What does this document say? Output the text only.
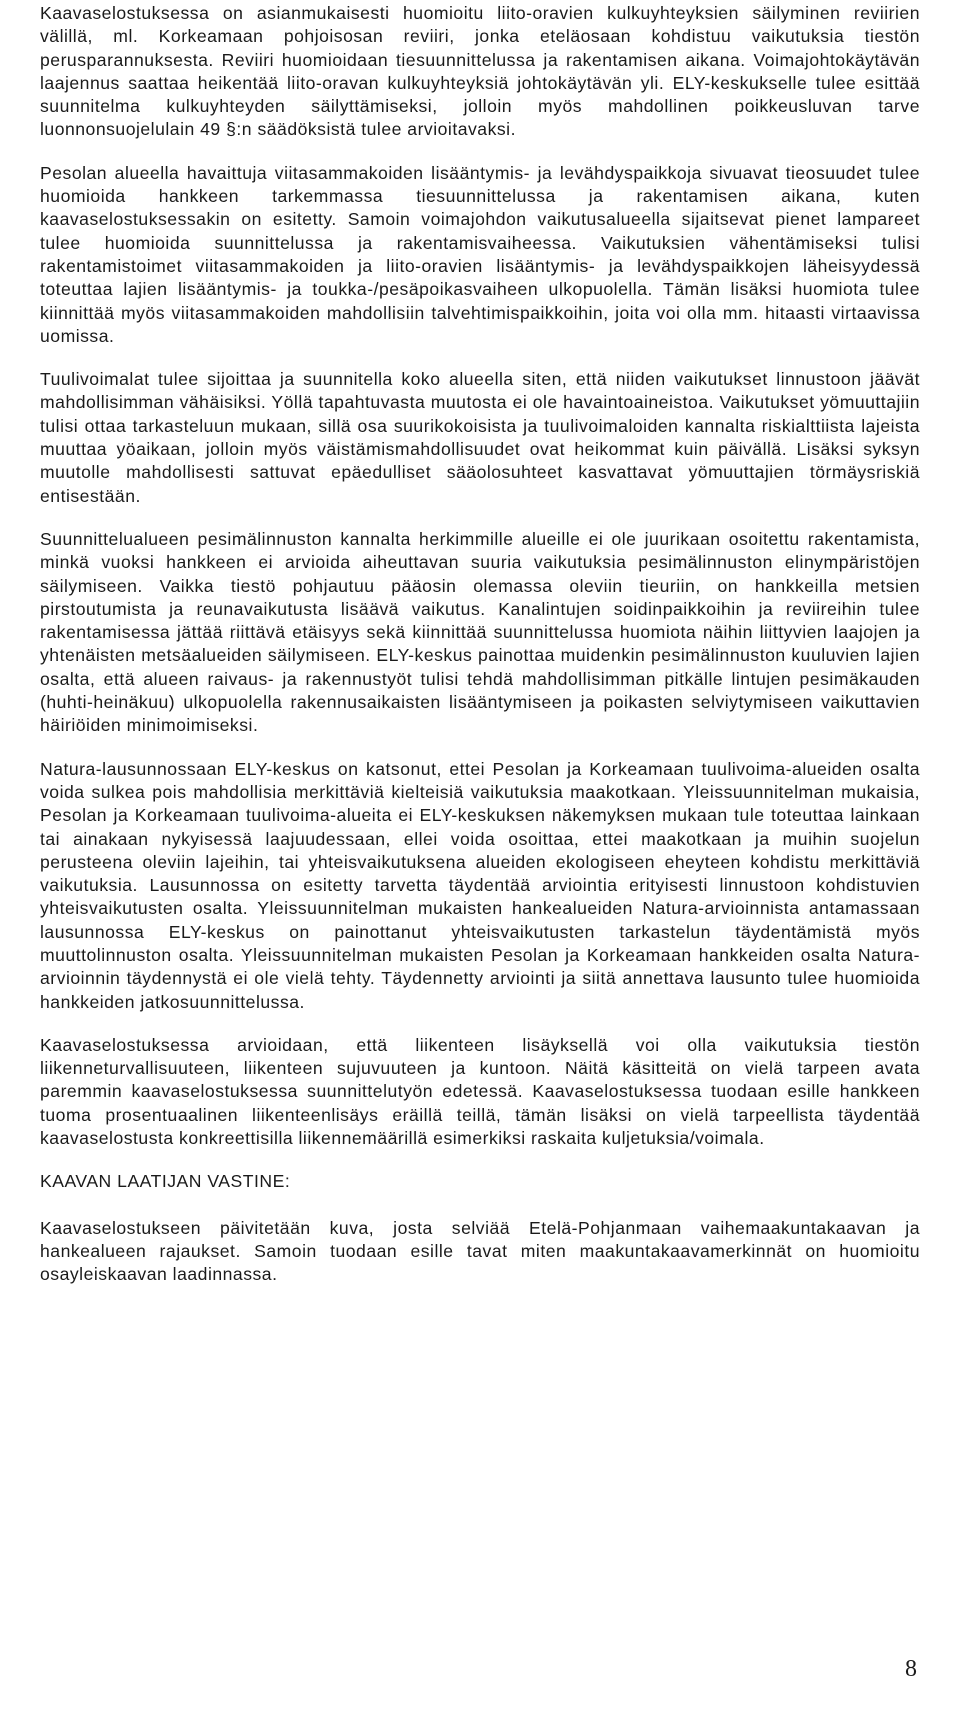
Kaavaselostuksessa on asianmukaisesti huomioitu liito-oravien kulkuyhteyksien säilyminen reviirien välillä, ml. Korkeamaan pohjoisosan reviiri, jonka eteläosaan kohdistuu vaikutuksia tiestön perusparannuksesta. Reviiri huomioidaan tiesuunnittelussa ja rakentamisen aikana. Voimajohtokäytävän laajennus saattaa heikentää liito-oravan kulkuyhteyksiä johtokäytävän yli. ELY-keskukselle tulee esittää suunnitelma kulkuyhteyden säilyttämiseksi, jolloin myös mahdollinen poikkeusluvan tarve luonnonsuojelulain 49 §:n säädöksistä tulee arvioitavaksi.

Pesolan alueella havaittuja viitasammakoiden lisääntymis- ja levähdyspaikkoja sivuavat tieosuudet tulee huomioida hankkeen tarkemmassa tiesuunnittelussa ja rakentamisen aikana, kuten kaavaselostuksessakin on esitetty. Samoin voimajohdon vaikutusalueella sijaitsevat pienet lampareet tulee huomioida suunnittelussa ja rakentamisvaiheessa. Vaikutuksien vähentämiseksi tulisi rakentamistoimet viitasammakoiden ja liito-oravien lisääntymis- ja levähdyspaikkojen läheisyydessä toteuttaa lajien lisääntymis- ja toukka-/pesäpoikasvaiheen ulkopuolella. Tämän lisäksi huomiota tulee kiinnittää myös viitasammakoiden mahdollisiin talvehtimispaikkoihin, joita voi olla mm. hitaasti virtaavissa uomissa.

Tuulivoimalat tulee sijoittaa ja suunnitella koko alueella siten, että niiden vaikutukset linnustoon jäävät mahdollisimman vähäisiksi. Yöllä tapahtuvasta muutosta ei ole havaintoaineistoa. Vaikutukset yömuuttajiin tulisi ottaa tarkasteluun mukaan, sillä osa suurikokoisista ja tuulivoimaloiden kannalta riskialttiista lajeista muuttaa yöaikaan, jolloin myös väistämismahdollisuudet ovat heikommat kuin päivällä. Lisäksi syksyn muutolle mahdollisesti sattuvat epäedulliset sääolosuhteet kasvattavat yömuuttajien törmäysriskiä entisestään.

Suunnittelualueen pesimälinnuston kannalta herkimmille alueille ei ole juurikaan osoitettu rakentamista, minkä vuoksi hankkeen ei arvioida aiheuttavan suuria vaikutuksia pesimälinnuston elinympäristöjen säilymiseen. Vaikka tiestö pohjautuu pääosin olemassa oleviin tieuriin, on hankkeilla metsien pirstoutumista ja reunavaikutusta lisäävä vaikutus. Kanalintujen soidinpaikkoihin ja reviireihin tulee rakentamisessa jättää riittävä etäisyys sekä kiinnittää suunnittelussa huomiota näihin liittyvien laajojen ja yhtenäisten metsäalueiden säilymiseen. ELY-keskus painottaa muidenkin pesimälinnuston kuuluvien lajien osalta, että alueen raivaus- ja rakennustyöt tulisi tehdä mahdollisimman pitkälle lintujen pesimäkauden (huhti-heinäkuu) ulkopuolella rakennusaikaisten lisääntymiseen ja poikasten selviytymiseen vaikuttavien häiriöiden minimoimiseksi.

Natura-lausunnossaan ELY-keskus on katsonut, ettei Pesolan ja Korkeamaan tuulivoima-alueiden osalta voida sulkea pois mahdollisia merkittäviä kielteisiä vaikutuksia maakotkaan. Yleissuunnitelman mukaisia, Pesolan ja Korkeamaan tuulivoima-alueita ei ELY-keskuksen näkemyksen mukaan tule toteuttaa lainkaan tai ainakaan nykyisessä laajuudessaan, ellei voida osoittaa, ettei maakotkaan ja muihin suojelun perusteena oleviin lajeihin, tai yhteisvaikutuksena alueiden ekologiseen eheyteen kohdistu merkittäviä vaikutuksia. Lausunnossa on esitetty tarvetta täydentää arviointia erityisesti linnustoon kohdistuvien yhteisvaikutusten osalta. Yleissuunnitelman mukaisten hankealueiden Natura-arvioinnista antamassaan lausunnossa ELY-keskus on painottanut yhteisvaikutusten tarkastelun täydentämistä myös muuttolinnuston osalta. Yleissuunnitelman mukaisten Pesolan ja Korkeamaan hankkeiden osalta Natura-arvioinnin täydennystä ei ole vielä tehty. Täydennetty arviointi ja siitä annettava lausunto tulee huomioida hankkeiden jatkosuunnittelussa.

Kaavaselostuksessa arvioidaan, että liikenteen lisäyksellä voi olla vaikutuksia tiestön liikenneturvallisuuteen, liikenteen sujuvuuteen ja kuntoon. Näitä käsitteitä on vielä tarpeen avata paremmin kaavaselostuksessa suunnittelutyön edetessä. Kaavaselostuksessa tuodaan esille hankkeen tuoma prosentuaalinen liikenteenlisäys eräillä teillä, tämän lisäksi on vielä tarpeellista täydentää kaavaselostusta konkreettisilla liikennemäärillä esimerkiksi raskaita kuljetuksia/voimala.

KAAVAN LAATIJAN VASTINE:

Kaavaselostukseen päivitetään kuva, josta selviää Etelä-Pohjanmaan vaihemaakuntakaavan ja hankealueen rajaukset. Samoin tuodaan esille tavat miten maakuntakaavamerkinnät on huomioitu osayleiskaavan laadinnassa.

8
